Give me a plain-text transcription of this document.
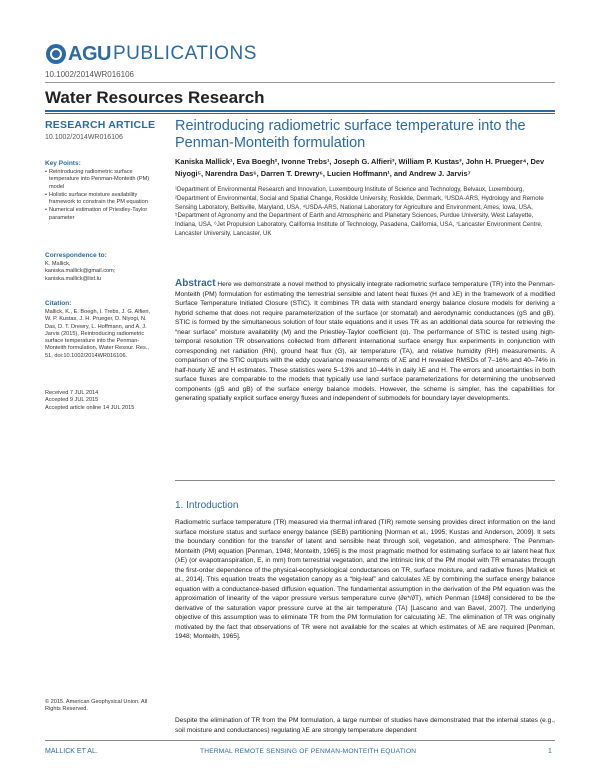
AGU PUBLICATIONS
10.1002/2014WR016106
Water Resources Research
RESEARCH ARTICLE
10.1002/2014WR016106
Key Points:
• Reintroducing radiometric surface temperature into Penman-Monteith (PM) model
• Holistic surface moisture availability framework to constrain the PM equation
• Numerical estimation of Priestley-Taylor parameter
Correspondence to:
K. Mallick,
kaniska.mallick@gmail.com;
kaniska.mallick@list.lu
Citation:
Mallick, K., E. Boegh, I. Trebs, J. G. Alfieri, W. P. Kustas, J. H. Prueger, D. Niyogi, N. Das, D. T. Drewry, L. Hoffmann, and A. J. Jarvis (2015), Reintroducing radiometric surface temperature into the Penman-Monteith formulation, Water Resour. Res., 51, doi:10.1002/2014WR016106.
Received 7 JUL 2014
Accepted 9 JUL 2015
Accepted article online 14 JUL 2015
© 2015. American Geophysical Union. All Rights Reserved.
Reintroducing radiometric surface temperature into the Penman-Monteith formulation
Kaniska Mallick¹, Eva Boegh², Ivonne Trebs¹, Joseph G. Alfieri³, William P. Kustas³, John H. Prueger⁴, Dev Niyogi⁵, Narendra Das⁶, Darren T. Drewry⁶, Lucien Hoffmann¹, and Andrew J. Jarvis⁷
¹Department of Environmental Research and Innovation, Luxembourg Institute of Science and Technology, Belvaux, Luxembourg, ²Department of Environmental, Social and Spatial Change, Roskilde University, Roskilde, Denmark, ³USDA-ARS, Hydrology and Remote Sensing Laboratory, Beltsville, Maryland, USA, ⁴USDA-ARS, National Laboratory for Agriculture and Environment, Ames, Iowa, USA, ⁵Department of Agronomy and the Department of Earth and Atmospheric and Planetary Sciences, Purdue University, West Lafayette, Indiana, USA, ⁶Jet Propulsion Laboratory, California Institute of Technology, Pasadena, California, USA, ⁷Lancaster Environment Centre, Lancaster University, Lancaster, UK
Abstract Here we demonstrate a novel method to physically integrate radiometric surface temperature (TR) into the Penman-Monteith (PM) formulation for estimating the terrestrial sensible and latent heat fluxes (H and λE) in the framework of a modified Surface Temperature Initiated Closure (STIC). It combines TR data with standard energy balance closure models for deriving a hybrid scheme that does not require parameterization of the surface (or stomatal) and aerodynamic conductances (gS and gB). STIC is formed by the simultaneous solution of four state equations and it uses TR as an additional data source for retrieving the “near surface” moisture availability (M) and the Priestley-Taylor coefficient (α). The performance of STIC is tested using high-temporal resolution TR observations collected from different international surface energy flux experiments in conjunction with corresponding net radiation (RN), ground heat flux (G), air temperature (TA), and relative humidity (RH) measurements. A comparison of the STIC outputs with the eddy covariance measurements of λE and H revealed RMSDs of 7–16% and 40–74% in half-hourly λE and H estimates. These statistics were 5–13% and 10–44% in daily λE and H. The errors and uncertainties in both surface fluxes are comparable to the models that typically use land surface parameterizations for determining the unobserved components (gS and gB) of the surface energy balance models. However, the scheme is simpler, has the capabilities for generating spatially explicit surface energy fluxes and independent of submodels for boundary layer developments.
1. Introduction
Radiometric surface temperature (TR) measured via thermal infrared (TIR) remote sensing provides direct information on the land surface moisture status and surface energy balance (SEB) partitioning [Norman et al., 1995; Kustas and Anderson, 2009]. It sets the boundary condition for the transfer of latent and sensible heat through soil, vegetation, and atmosphere. The Penman-Monteith (PM) equation [Penman, 1948; Monteith, 1965] is the most pragmatic method for estimating surface to air latent heat flux (λE) (or evapotranspiration, E, in mm) from terrestrial vegetation, and the intrinsic link of the PM model with TR emanates through the first-order dependence of the physical-ecophysiological conductances on TR, surface moisture, and radiative fluxes [Mallick et al., 2014]. This equation treats the vegetation canopy as a “big-leaf” and calculates λE by combining the surface energy balance equation with a conductance-based diffusion equation. The fundamental assumption in the derivation of the PM equation was the approximation of linearity of the vapor pressure versus temperature curve (∂e*/∂T), which Penman [1948] considered to be the derivative of the saturation vapor pressure curve at the air temperature (TA) [Lascano and van Bavel, 2007]. The underlying objective of this assumption was to eliminate TR from the PM formulation for calculating λE. The elimination of TR was originally motivated by the fact that observations of TR were not available for the scales at which estimates of λE are required [Penman, 1948; Monteith, 1965].
Despite the elimination of TR from the PM formulation, a large number of studies have demonstrated that the internal states (e.g., soil moisture and conductances) regulating λE are strongly temperature dependent
MALLICK ET AL.	THERMAL REMOTE SENSING OF PENMAN-MONTEITH EQUATION	1
